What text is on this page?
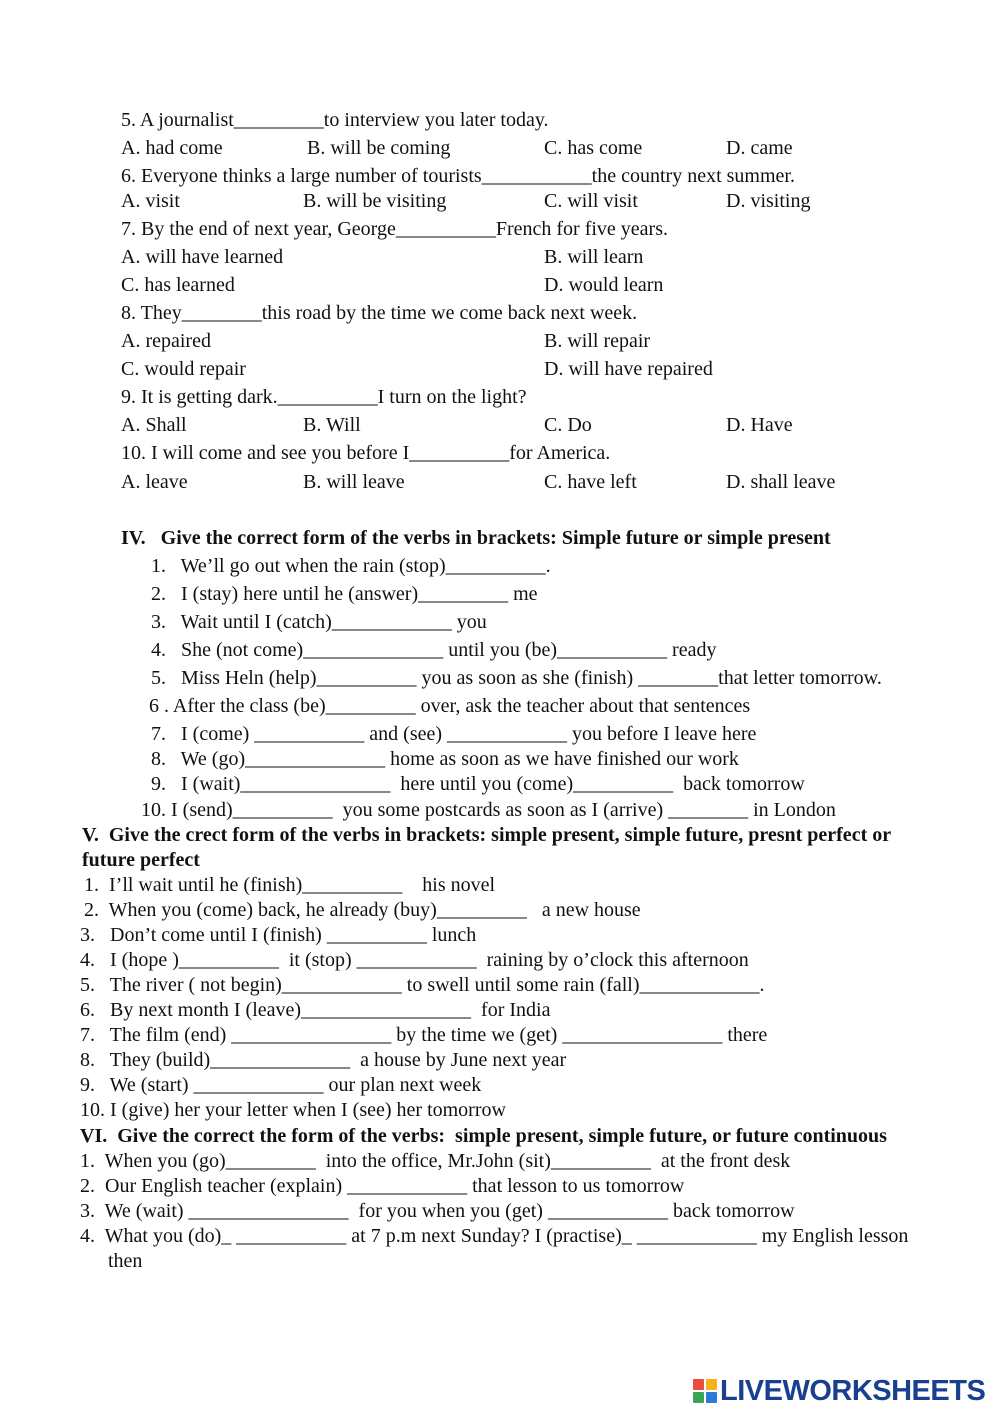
5. A journalist_________to interview you later today.
A. had come	B. will be coming	C. has come	D. came
6. Everyone thinks a large number of tourists___________the country next summer.
A. visit	B. will be visiting	C. will visit	D. visiting
7. By the end of next year, George__________French for five years.
A. will have learned	B. will learn
C. has learned	D. would learn
8. They________this road by the time we come back next week.
A. repaired	B. will repair
C. would repair	D. will have repaired
9. It is getting dark.__________I turn on the light?
A. Shall	B. Will	C. Do	D. Have
10. I will come and see you before I__________for America.
A. leave	B. will leave	C. have left	D. shall leave
IV.   Give the correct form of the verbs in brackets: Simple future or simple present
1.   We’ll go out when the rain (stop)__________.
2.   I (stay) here until he (answer)_________ me
3.   Wait until I (catch)____________ you
4.   She (not come)______________ until you (be)___________ ready
5.   Miss Heln (help)__________ you as soon as she (finish) ________that letter tomorrow.
6 . After the class (be)_________ over, ask the teacher about that sentences
7.   I (come) ___________ and (see) ____________ you before I leave here
8.   We (go)______________ home as soon as we have finished our work
9.   I (wait)_______________  here until you (come)__________  back tomorrow
10. I (send)__________  you some postcards as soon as I (arrive) ________ in London
V.  Give the crect form of the verbs in brackets: simple present, simple future, presnt perfect or
future perfect
1.  I’ll wait until he (finish)__________    his novel
2.  When you (come) back, he already (buy)_________   a new house
3.   Don’t come until I (finish) __________ lunch
4.   I (hope )__________  it (stop) ____________  raining by o’clock this afternoon
5.   The river ( not begin)____________ to swell until some rain (fall)____________.
6.   By next month I (leave)_________________  for India
7.   The film (end) ________________ by the time we (get) ________________ there
8.   They (build)______________  a house by June next year
9.   We (start) _____________ our plan next week
10. I (give) her your letter when I (see) her tomorrow
VI.  Give the correct the form of the verbs:  simple present, simple future, or future continuous
1.  When you (go)_________  into the office, Mr.John (sit)__________  at the front desk
2.  Our English teacher (explain) ____________ that lesson to us tomorrow
3.  We (wait) ________________  for you when you (get) ____________ back tomorrow
4.  What you (do)_ ___________ at 7 p.m next Sunday? I (practise)_ ____________ my English lesson
then
LIVEWORKSHEETS
